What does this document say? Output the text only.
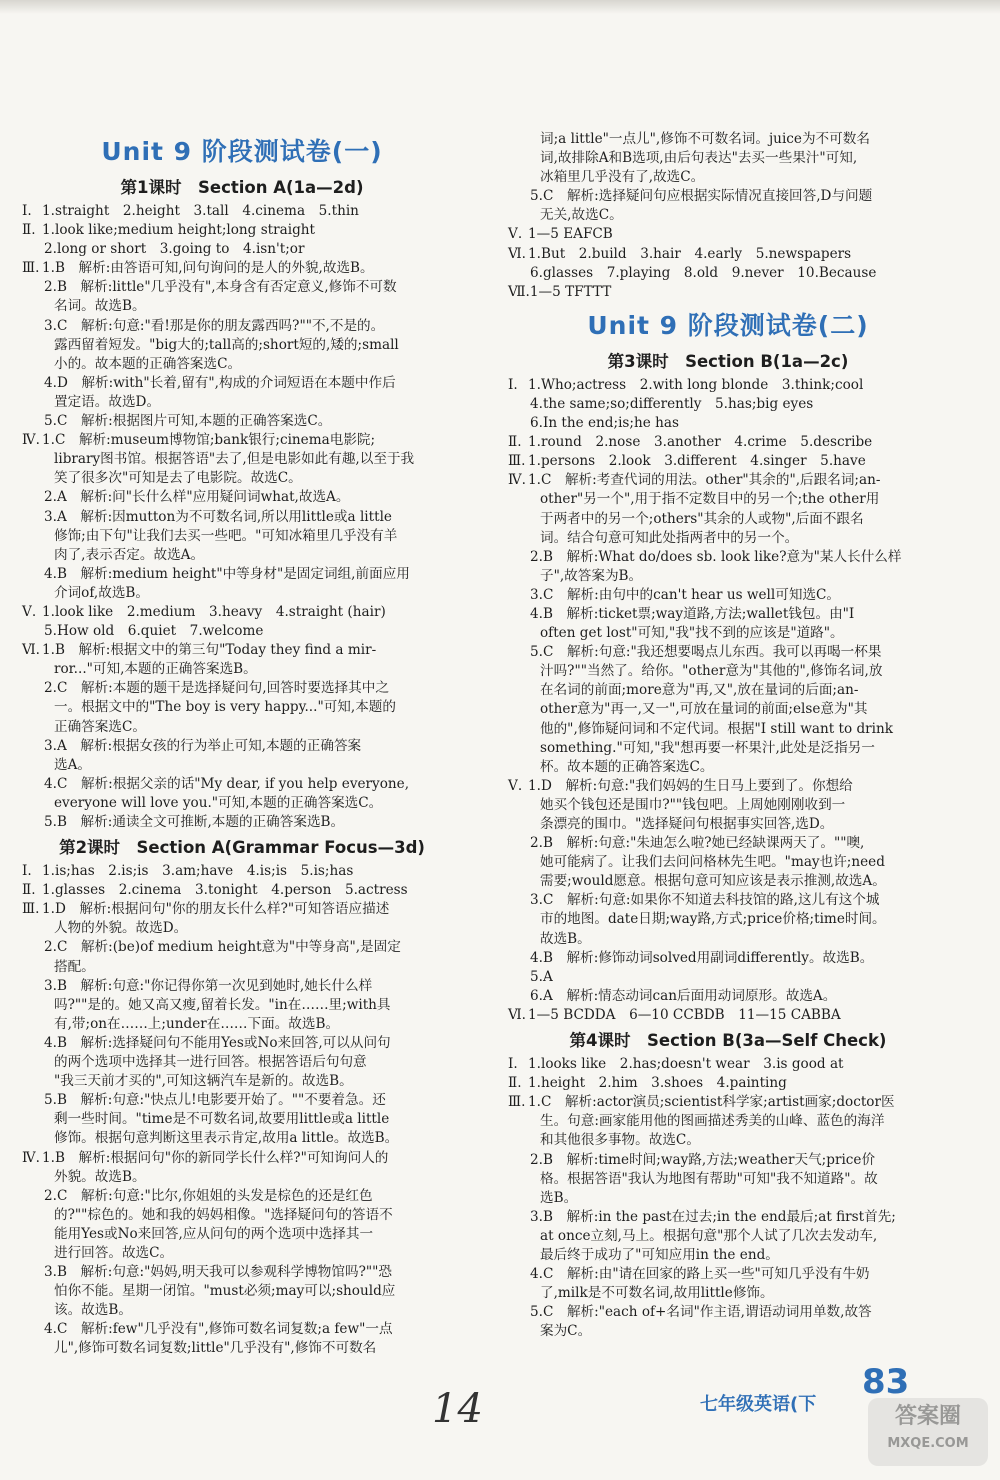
Unit 9 阶段测试卷(一)
第1课时　Section A(1a—2d)
Ⅰ. 1.straight　2.height　3.tall　4.cinema　5.thin
Ⅱ. 1.look like;medium height;long straight
2.long or short　3.going to　4.isn't;or
Ⅲ. 1.B　解析:由答语可知,问句询问的是人的外貌,故选B。
2.B　解析:little"几乎没有",本身含有否定意义,修饰不可数
名词。故选B。
3.C　解析:句意:"看!那是你的朋友露西吗?""不,不是的。
露西留着短发。"big大的;tall高的;short短的,矮的;small
小的。故本题的正确答案选C。
4.D　解析:with"长着,留有",构成的介词短语在本题中作后
置定语。故选D。
5.C　解析:根据图片可知,本题的正确答案选C。
Ⅳ. 1.C　解析:museum博物馆;bank银行;cinema电影院;
library图书馆。根据答语"去了,但是电影如此有趣,以至于我
笑了很多次"可知是去了电影院。故选C。
2.A　解析:问"长什么样"应用疑问词what,故选A。
3.A　解析:因mutton为不可数名词,所以用little或a little
修饰;由下句"让我们去买一些吧。"可知冰箱里几乎没有羊
肉了,表示否定。故选A。
4.B　解析:medium height"中等身材"是固定词组,前面应用
介词of,故选B。
Ⅴ. 1.look like　2.medium　3.heavy　4.straight (hair)
5.How old　6.quiet　7.welcome
Ⅵ. 1.B　解析:根据文中的第三句"Today they find a mir-
ror..."可知,本题的正确答案选B。
2.C　解析:本题的题干是选择疑问句,回答时要选择其中之
一。根据文中的"The boy is very happy..."可知,本题的
正确答案选C。
3.A　解析:根据女孩的行为举止可知,本题的正确答案
选A。
4.C　解析:根据父亲的话"My dear, if you help everyone,
everyone will love you."可知,本题的正确答案选C。
5.B　解析:通读全文可推断,本题的正确答案选B。
第2课时　Section A(Grammar Focus—3d)
Ⅰ. 1.is;has　2.is;is　3.am;have　4.is;is　5.is;has
Ⅱ. 1.glasses　2.cinema　3.tonight　4.person　5.actress
Ⅲ. 1.D　解析:根据问句"你的朋友长什么样?"可知答语应描述
人物的外貌。故选D。
2.C　解析:(be)of medium height意为"中等身高",是固定
搭配。
3.B　解析:句意:"你记得你第一次见到她时,她长什么样
吗?""是的。她又高又瘦,留着长发。"in在……里;with具
有,带;on在……上;under在……下面。故选B。
4.B　解析:选择疑问句不能用Yes或No来回答,可以从问句
的两个选项中选择其一进行回答。根据答语后句句意
"我三天前才买的",可知这辆汽车是新的。故选B。
5.B　解析:句意:"快点儿!电影要开始了。""不要着急。还
剩一些时间。"time是不可数名词,故要用little或a little
修饰。根据句意判断这里表示肯定,故用a little。故选B。
Ⅳ. 1.B　解析:根据问句"你的新同学长什么样?"可知询问人的
外貌。故选B。
2.C　解析:句意:"比尔,你姐姐的头发是棕色的还是红色
的?""棕色的。她和我的妈妈相像。"选择疑问句的答语不
能用Yes或No来回答,应从问句的两个选项中选择其一
进行回答。故选C。
3.B　解析:句意:"妈妈,明天我可以参观科学博物馆吗?""恐
怕你不能。星期一闭馆。"must必须;may可以;should应
该。故选B。
4.C　解析:few"几乎没有",修饰可数名词复数;a few"一点
儿",修饰可数名词复数;little"几乎没有",修饰不可数名
词;a little"一点儿",修饰不可数名词。juice为不可数名
词,故排除A和B选项,由后句表达"去买一些果汁"可知,
冰箱里几乎没有了,故选C。
5.C　解析:选择疑问句应根据实际情况直接回答,D与问题
无关,故选C。
Ⅴ. 1—5 EAFCB
Ⅵ. 1.But　2.build　3.hair　4.early　5.newspapers
6.glasses　7.playing　8.old　9.never　10.Because
Ⅶ.1—5 TFTTT
Unit 9 阶段测试卷(二)
第3课时　Section B(1a—2c)
Ⅰ. 1.Who;actress　2.with long blonde　3.think;cool
4.the same;so;differently　5.has;big eyes
6.In the end;is;he has
Ⅱ. 1.round　2.nose　3.another　4.crime　5.describe
Ⅲ. 1.persons　2.look　3.different　4.singer　5.have
Ⅳ. 1.C　解析:考查代词的用法。other"其余的",后跟名词;an-
other"另一个",用于指不定数目中的另一个;the other用
于两者中的另一个;others"其余的人或物",后面不跟名
词。结合句意可知此处指两者中的另一个。
2.B　解析:What do/does sb. look like?意为"某人长什么样
子",故答案为B。
3.C　解析:由句中的can't hear us well可知选C。
4.B　解析:ticket票;way道路,方法;wallet钱包。由"I
often get lost"可知,"我"找不到的应该是"道路"。
5.C　解析:句意:"我还想要喝点儿东西。我可以再喝一杯果
汁吗?""当然了。给你。"other意为"其他的",修饰名词,放
在名词的前面;more意为"再,又",放在量词的后面;an-
other意为"再一,又一",可放在量词的前面;else意为"其
他的",修饰疑问词和不定代词。根据"I still want to drink
something."可知,"我"想再要一杯果汁,此处是泛指另一
杯。故本题的正确答案选C。
Ⅴ. 1.D　解析:句意:"我们妈妈的生日马上要到了。你想给
她买个钱包还是围巾?""钱包吧。上周她刚刚收到一
条漂亮的围巾。"选择疑问句根据事实回答,选D。
2.B　解析:句意:"朱迪怎么啦?她已经缺课两天了。""噢,
她可能病了。让我们去问问格林先生吧。"may也许;need
需要;would愿意。根据句意可知应该是表示推测,故选A。
3.C　解析:句意:如果你不知道去科技馆的路,这儿有这个城
市的地图。date日期;way路,方式;price价格;time时间。
故选B。
4.B　解析:修饰动词solved用副词differently。故选B。
5.A
6.A　解析:情态动词can后面用动词原形。故选A。
Ⅵ. 1—5 BCDDA　6—10 CCBDB　11—15 CABBA
第4课时　Section B(3a—Self Check)
Ⅰ. 1.looks like　2.has;doesn't wear　3.is good at
Ⅱ. 1.height　2.him　3.shoes　4.painting
Ⅲ. 1.C　解析:actor演员;scientist科学家;artist画家;doctor医
生。句意:画家能用他的图画描述秀美的山峰、蓝色的海洋
和其他很多事物。故选C。
2.B　解析:time时间;way路,方法;weather天气;price价
格。根据答语"我认为地图有帮助"可知"我不知道路"。故
选B。
3.B　解析:in the past在过去;in the end最后;at first首先;
at once立刻,马上。根据句意"那个人试了几次去发动车,
最后终于成功了"可知应用in the end。
4.C　解析:由"请在回家的路上买一些"可知几乎没有牛奶
了,milk是不可数名词,故用little修饰。
5.C　解析:"each of+名词"作主语,谓语动词用单数,故答
案为C。
14	七年级英语(下
83
答案圈
MXQE.COM
